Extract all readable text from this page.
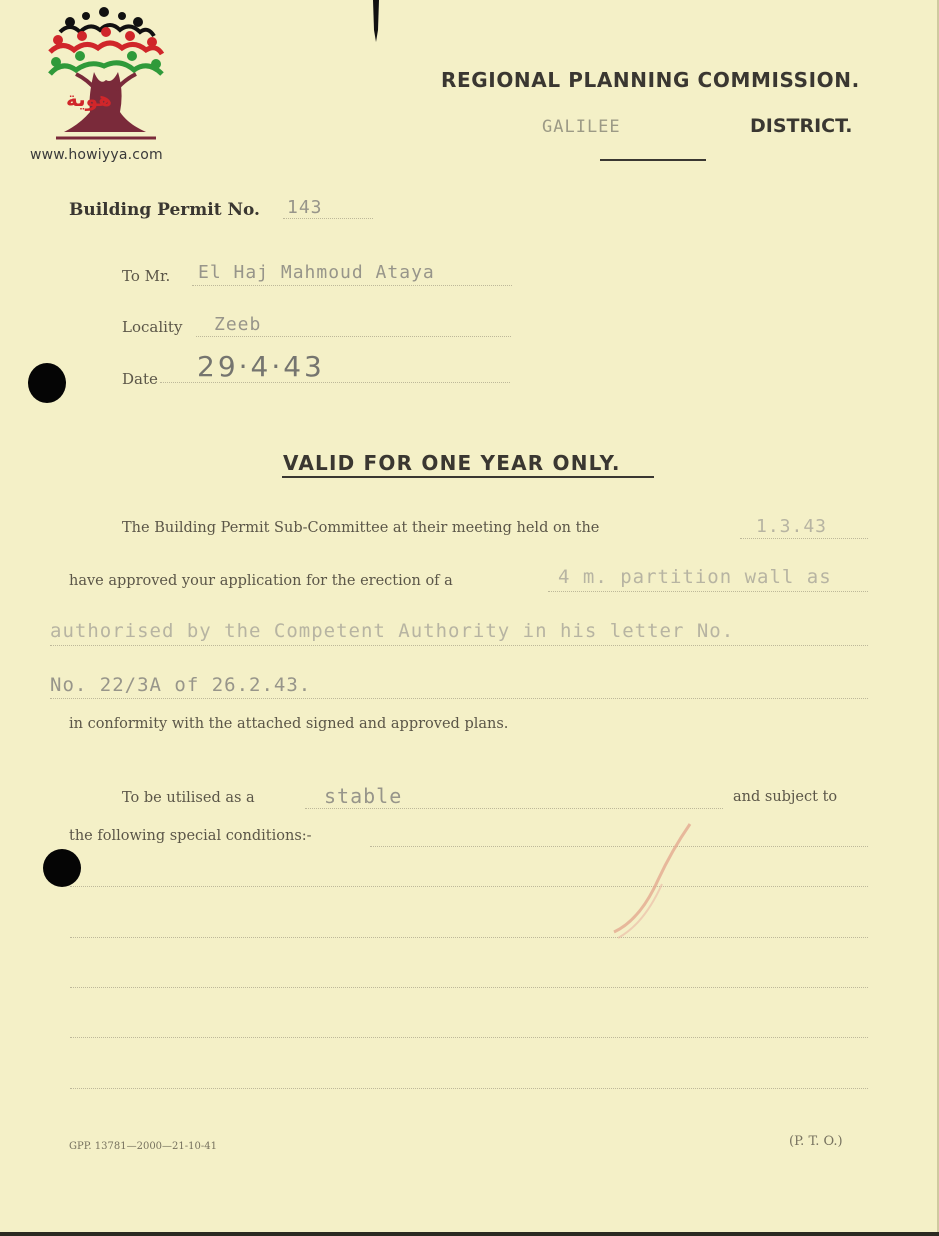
هوية
www.howiyya.com
REGIONAL PLANNING COMMISSION.
GALILEE	DISTRICT.
Building Permit No. 143
To Mr. El Haj Mahmoud Ataya
Locality Zeeb
Date 29·4·43
VALID FOR ONE YEAR ONLY.
The Building Permit Sub-Committee at their meeting held on the	1.3.43
have approved your application for the erection of a	4 m. partition wall as
authorised by the Competent Authority in his letter No.
No. 22/3A of 26.2.43.
in conformity with the attached signed and approved plans.
To be utilised as a	stable	and subject to
the following special conditions:-
GPP. 13781—2000—21-10-41	(P. T. O.)
